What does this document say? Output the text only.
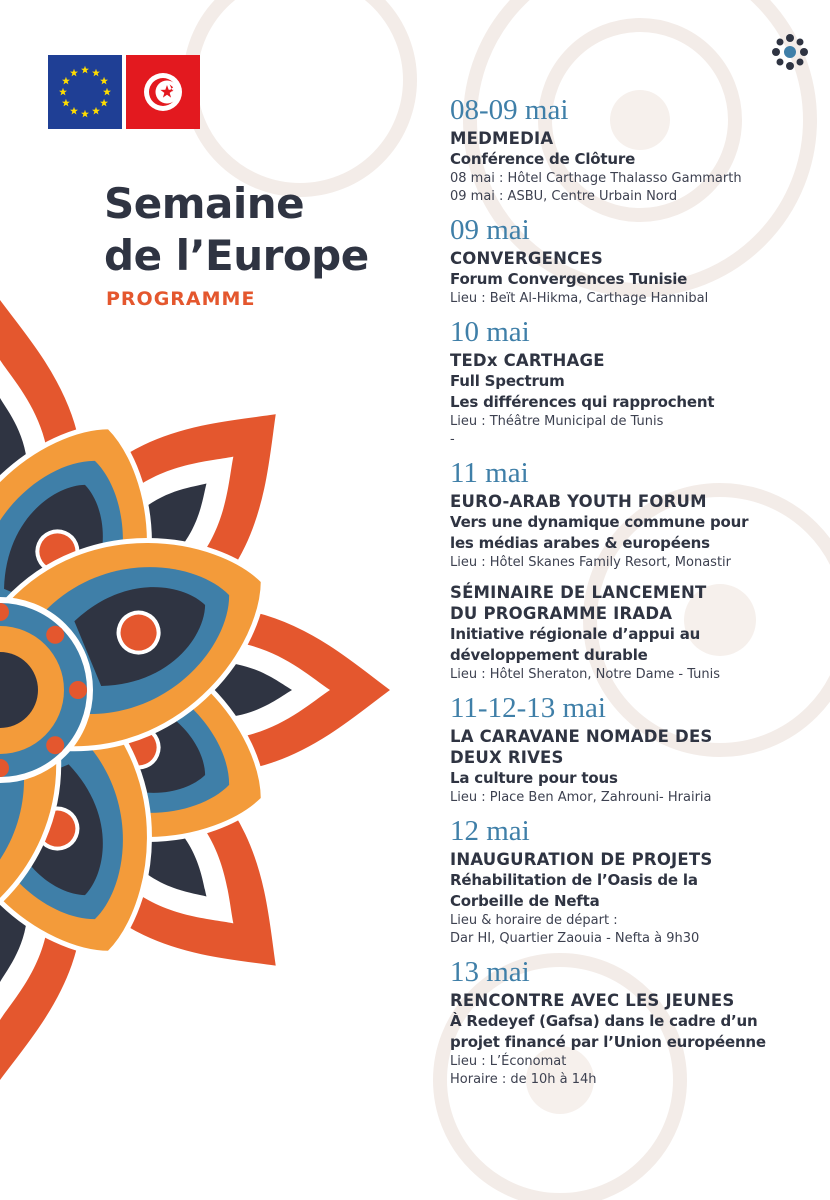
Semaine
de l’Europe
PROGRAMME
08-09 mai
MEDMEDIA
Conférence de Clôture
08 mai : Hôtel Carthage Thalasso Gammarth
09 mai : ASBU, Centre Urbain Nord
09 mai
CONVERGENCES
Forum Convergences Tunisie
Lieu : Beït Al-Hikma, Carthage Hannibal
10 mai
TEDx CARTHAGE
Full Spectrum
Les différences qui rapprochent
Lieu : Théâtre Municipal de Tunis
-
11 mai
EURO-ARAB YOUTH FORUM
Vers une dynamique commune pour
les médias arabes & européens
Lieu : Hôtel Skanes Family Resort, Monastir
SÉMINAIRE DE LANCEMENT
DU PROGRAMME IRADA
Initiative régionale d’appui au
développement durable
Lieu : Hôtel Sheraton, Notre Dame - Tunis
11-12-13 mai
LA CARAVANE NOMADE DES
DEUX RIVES
La culture pour tous
Lieu : Place Ben Amor, Zahrouni- Hrairia
12 mai
INAUGURATION DE PROJETS
Réhabilitation de l’Oasis de la
Corbeille de Nefta
Lieu & horaire de départ :
Dar HI, Quartier Zaouia - Nefta à 9h30
13 mai
RENCONTRE AVEC LES JEUNES
À Redeyef (Gafsa) dans le cadre d’un
projet financé par l’Union européenne
Lieu : L’Économat
Horaire : de 10h à 14h
